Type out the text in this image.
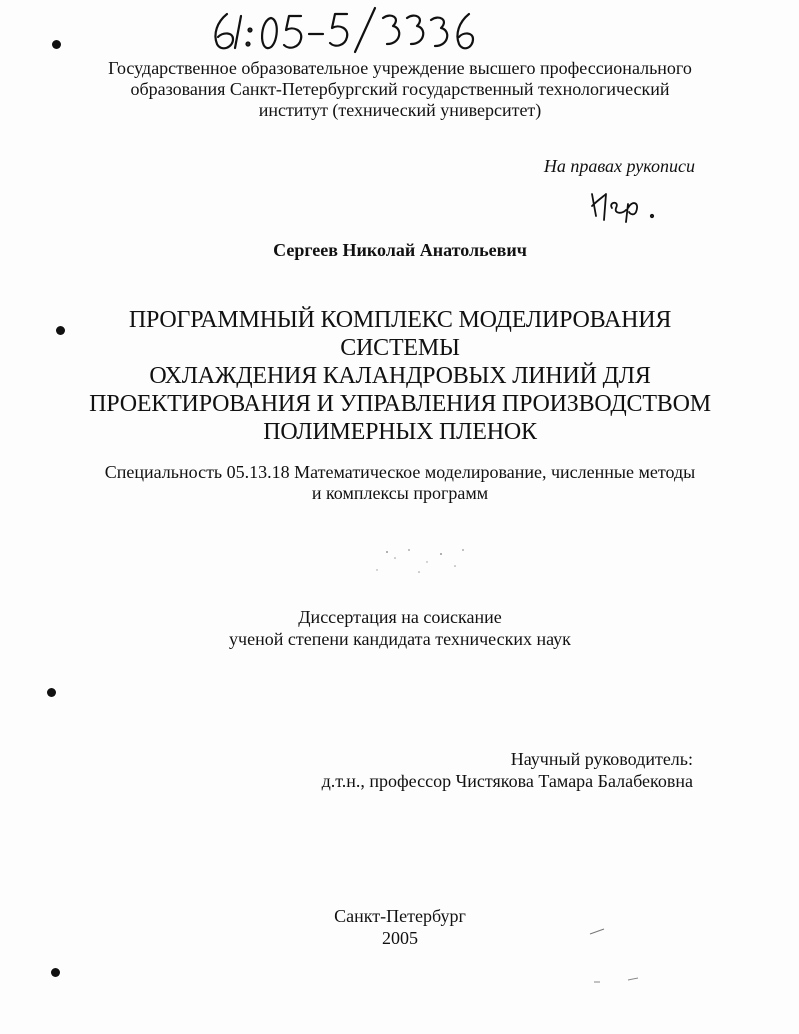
Государственное образовательное учреждение высшего профессионального
образования Санкт-Петербургский государственный технологический
институт (технический университет)
На правах рукописи
Сергеев Николай Анатольевич
ПРОГРАММНЫЙ КОМПЛЕКС МОДЕЛИРОВАНИЯ СИСТЕМЫ
ОХЛАЖДЕНИЯ КАЛАНДРОВЫХ ЛИНИЙ ДЛЯ
ПРОЕКТИРОВАНИЯ И УПРАВЛЕНИЯ ПРОИЗВОДСТВОМ
ПОЛИМЕРНЫХ ПЛЕНОК
Специальность 05.13.18 Математическое моделирование, численные методы
и комплексы программ
Диссертация на соискание
ученой степени кандидата технических наук
Научный руководитель:
д.т.н., профессор Чистякова Тамара Балабековна
Санкт-Петербург
2005
